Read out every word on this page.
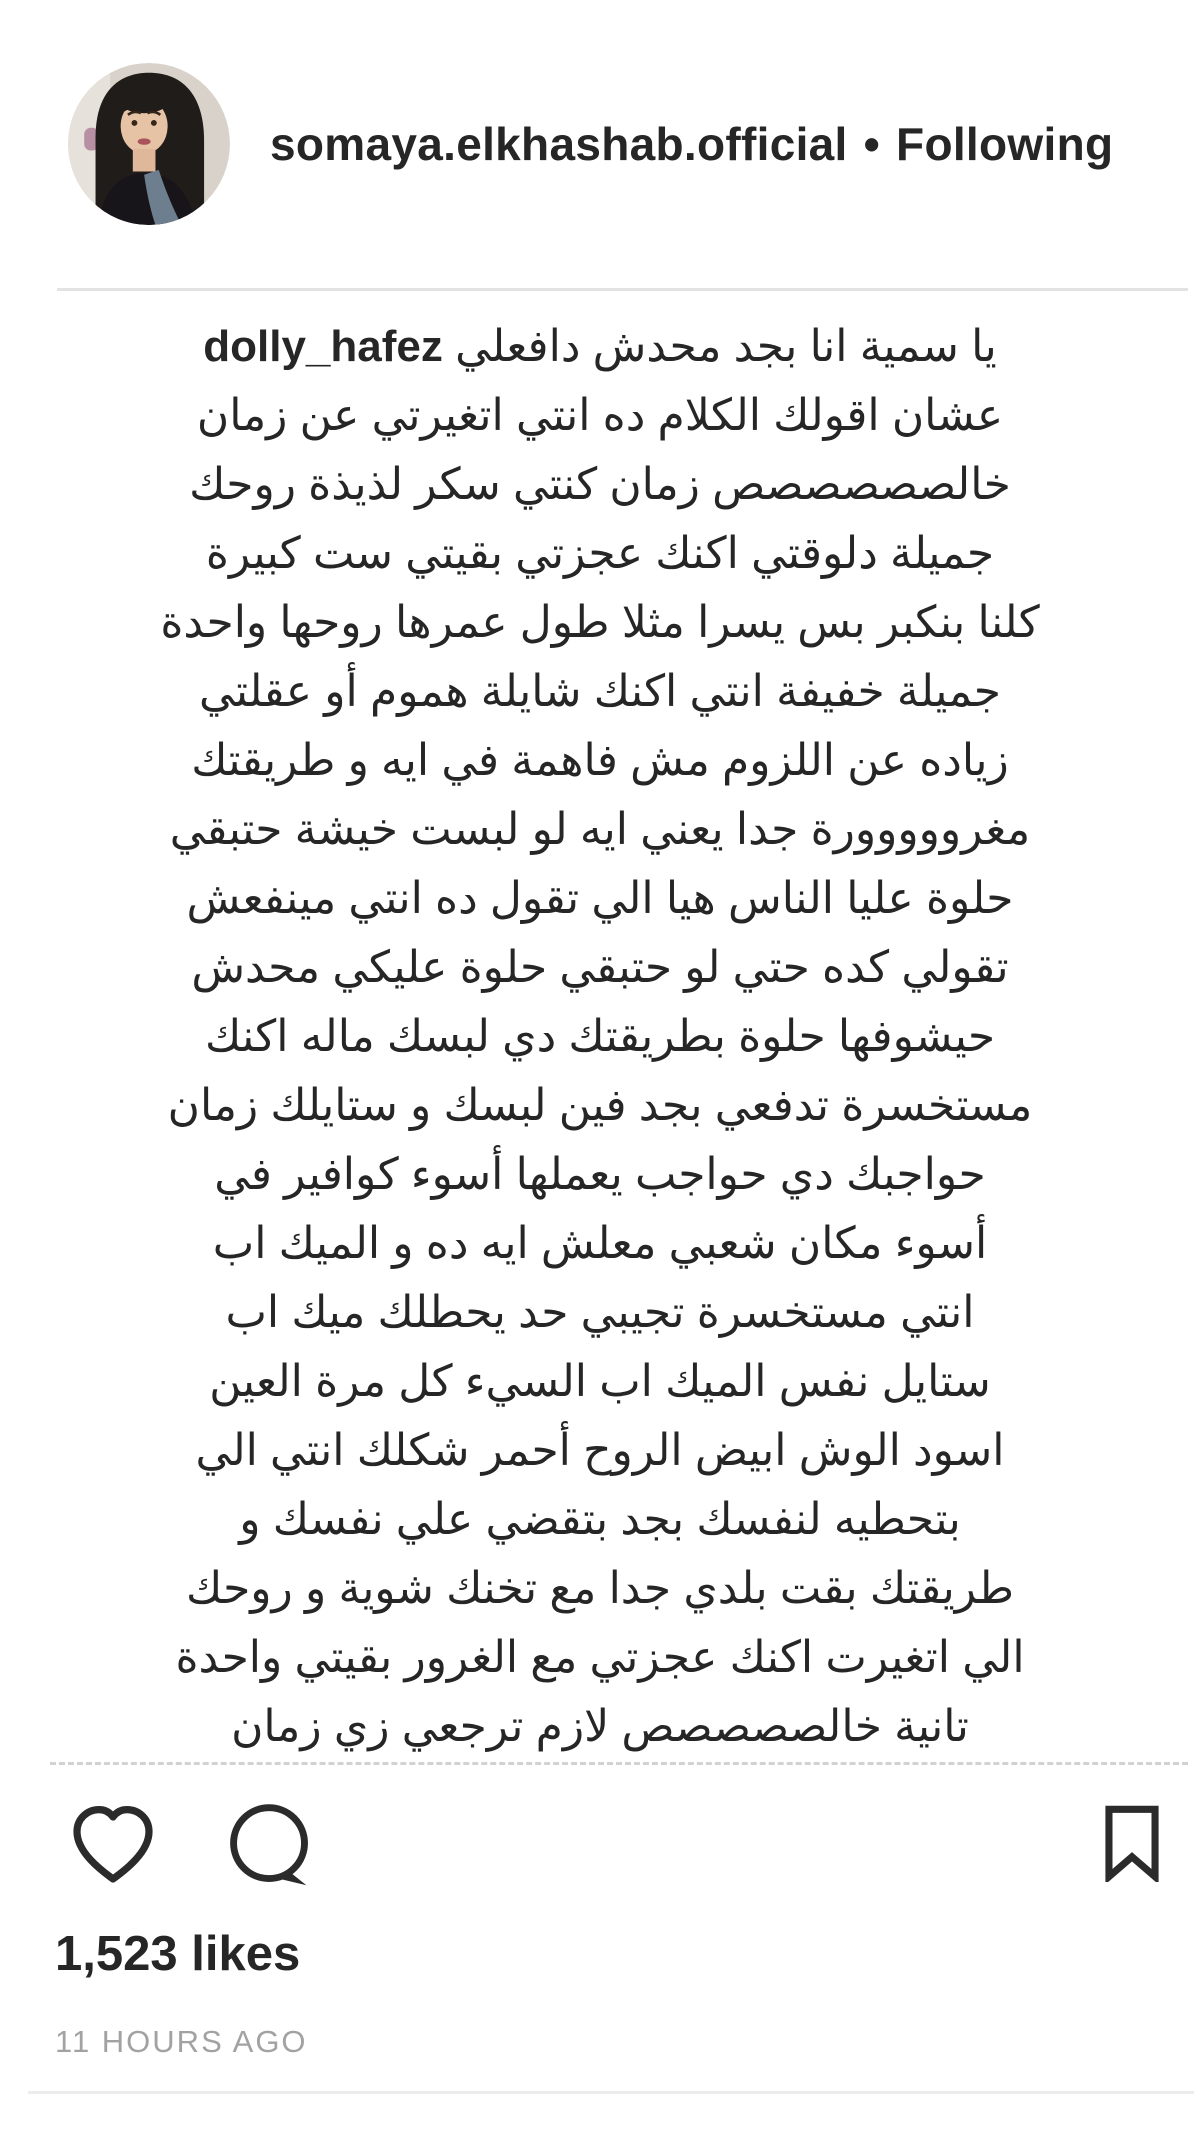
somaya.elkhashab.official • Following
dolly_hafez يا سمية انا بجد محدش دافعلي
عشان اقولك الكلام ده انتي اتغيرتي عن زمان
خالصصصصصص زمان كنتي سكر لذيذة روحك
جميلة دلوقتي اكنك عجزتي بقيتي ست كبيرة
كلنا بنكبر بس يسرا مثلا طول عمرها روحها واحدة
جميلة خفيفة انتي اكنك شايلة هموم أو عقلتي
زياده عن اللزوم مش فاهمة في ايه و طريقتك
مغرووووورة جدا يعني ايه لو لبست خيشة حتبقي
حلوة عليا الناس هيا الي تقول ده انتي مينفعش
تقولي كده حتي لو حتبقي حلوة عليكي محدش
حيشوفها حلوة بطريقتك دي لبسك ماله اكنك
مستخسرة تدفعي بجد فين لبسك و ستايلك زمان
حواجبك دي حواجب يعملها أسوء كوافير في
أسوء مكان شعبي معلش ايه ده و الميك اب
انتي مستخسرة تجيبي حد يحطلك ميك اب
ستايل نفس الميك اب السيء كل مرة العين
اسود الوش ابيض الروح أحمر شكلك انتي الي
بتحطيه لنفسك بجد بتقضي علي نفسك و
طريقتك بقت بلدي جدا مع تخنك شوية و روحك
الي اتغيرت اكنك عجزتي مع الغرور بقيتي واحدة
تانية خالصصصصص لازم ترجعي زي زمان
1,523 likes
11 HOURS AGO
